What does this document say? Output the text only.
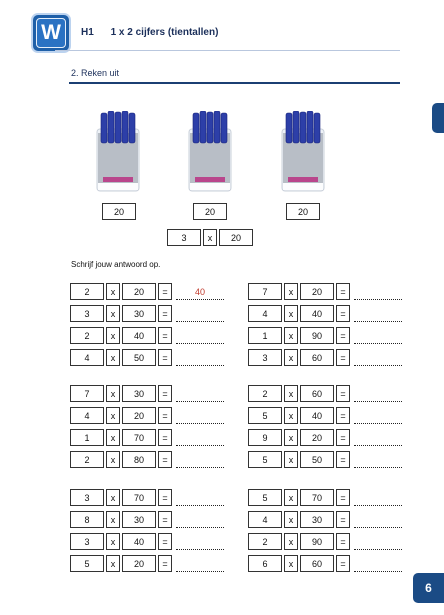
W	H1 1 x 2 cijfers (tientallen)
2. Reken uit
20	20	20
3	x	20
Schrijf jouw antwoord op.
2	x	20	=	40
3	x	30	=
2	x	40	=
4	x	50	=
7	x	30	=
4	x	20	=
1	x	70	=
2	x	80	=
3	x	70	=
8	x	30	=
3	x	40	=
5	x	20	=
7	x	20	=
4	x	40	=
1	x	90	=
3	x	60	=
2	x	60	=
5	x	40	=
9	x	20	=
5	x	50	=
5	x	70	=
4	x	30	=
2	x	90	=
6	x	60	=
6
